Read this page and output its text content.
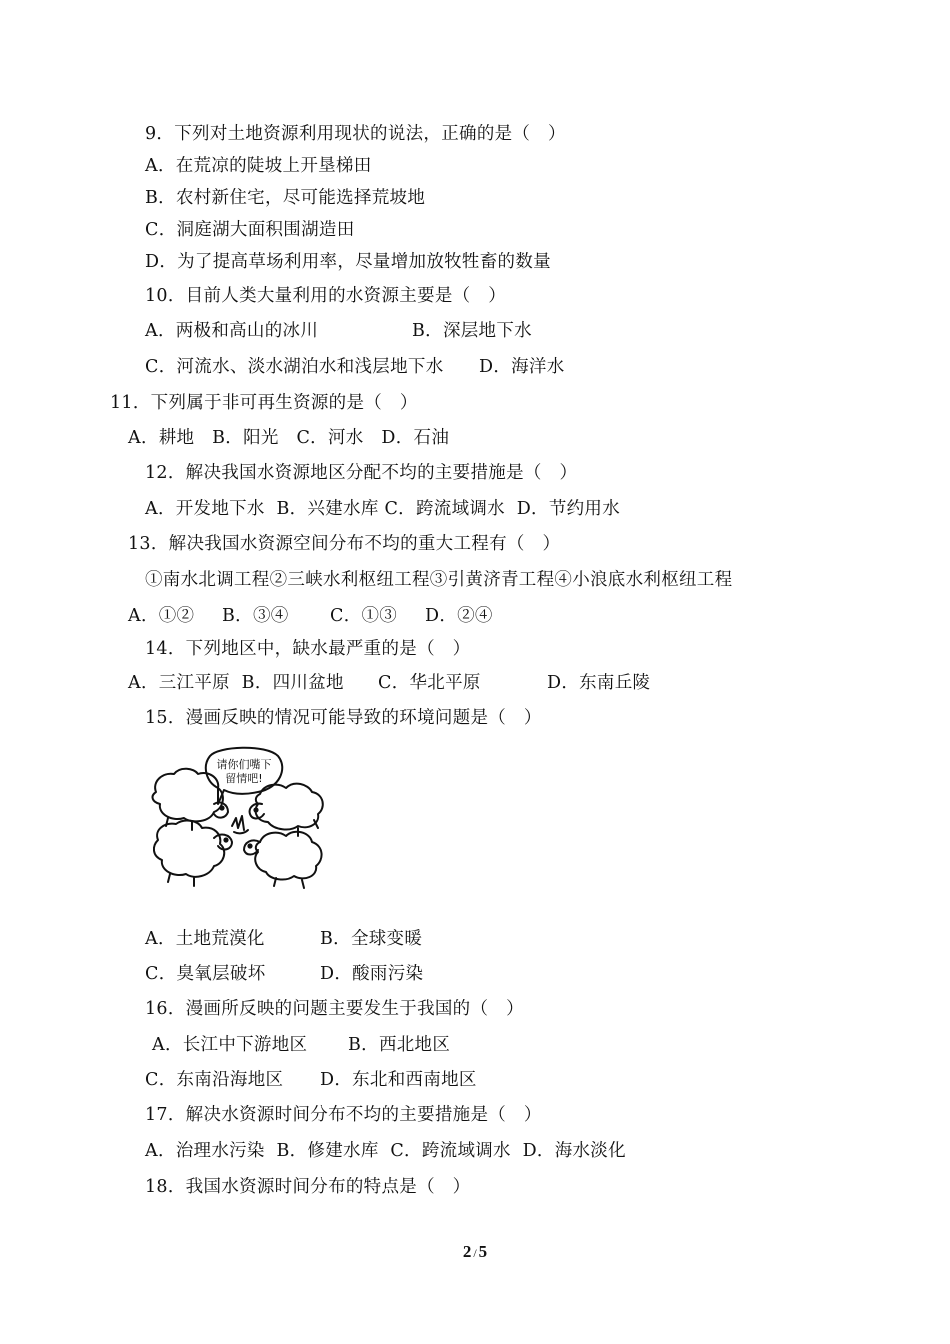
9．下列对土地资源利用现状的说法，正确的是（　）
A．在荒凉的陡坡上开垦梯田
B．农村新住宅，尽可能选择荒坡地
C．洞庭湖大面积围湖造田
D．为了提高草场利用率，尽量增加放牧牲畜的数量
10．目前人类大量利用的水资源主要是（　）
A．两极和高山的冰川	B．深层地下水
C．河流水、淡水湖泊水和浅层地下水 D．海洋水
11．下列属于非可再生资源的是（　）
A．耕地　B．阳光　C．河水　D．石油
12．解决我国水资源地区分配不均的主要措施是（　）
A．开发地下水  B．兴建水库 C．跨流域调水  D．节约用水
13．解决我国水资源空间分布不均的重大工程有（　）
①南水北调工程②三峡水利枢纽工程③引黄济青工程④小浪底水利枢纽工程
A．①② B．③④ C．①③ D．②④
14．下列地区中，缺水最严重的是（　）
A．三江平原  B．四川盆地 C．华北平原	D．东南丘陵
15．漫画反映的情况可能导致的环境问题是（　）
请你们嘴下
留情吧!
A．土地荒漠化	B．全球变暖
C．臭氧层破坏	D．酸雨污染
16．漫画所反映的问题主要发生于我国的（　）
A．长江中下游地区 B．西北地区
C．东南沿海地区 D．东北和西南地区
17．解决水资源时间分布不均的主要措施是（　）
A．治理水污染  B．修建水库  C．跨流域调水  D．海水淡化
18．我国水资源时间分布的特点是（　）
2 / 5
